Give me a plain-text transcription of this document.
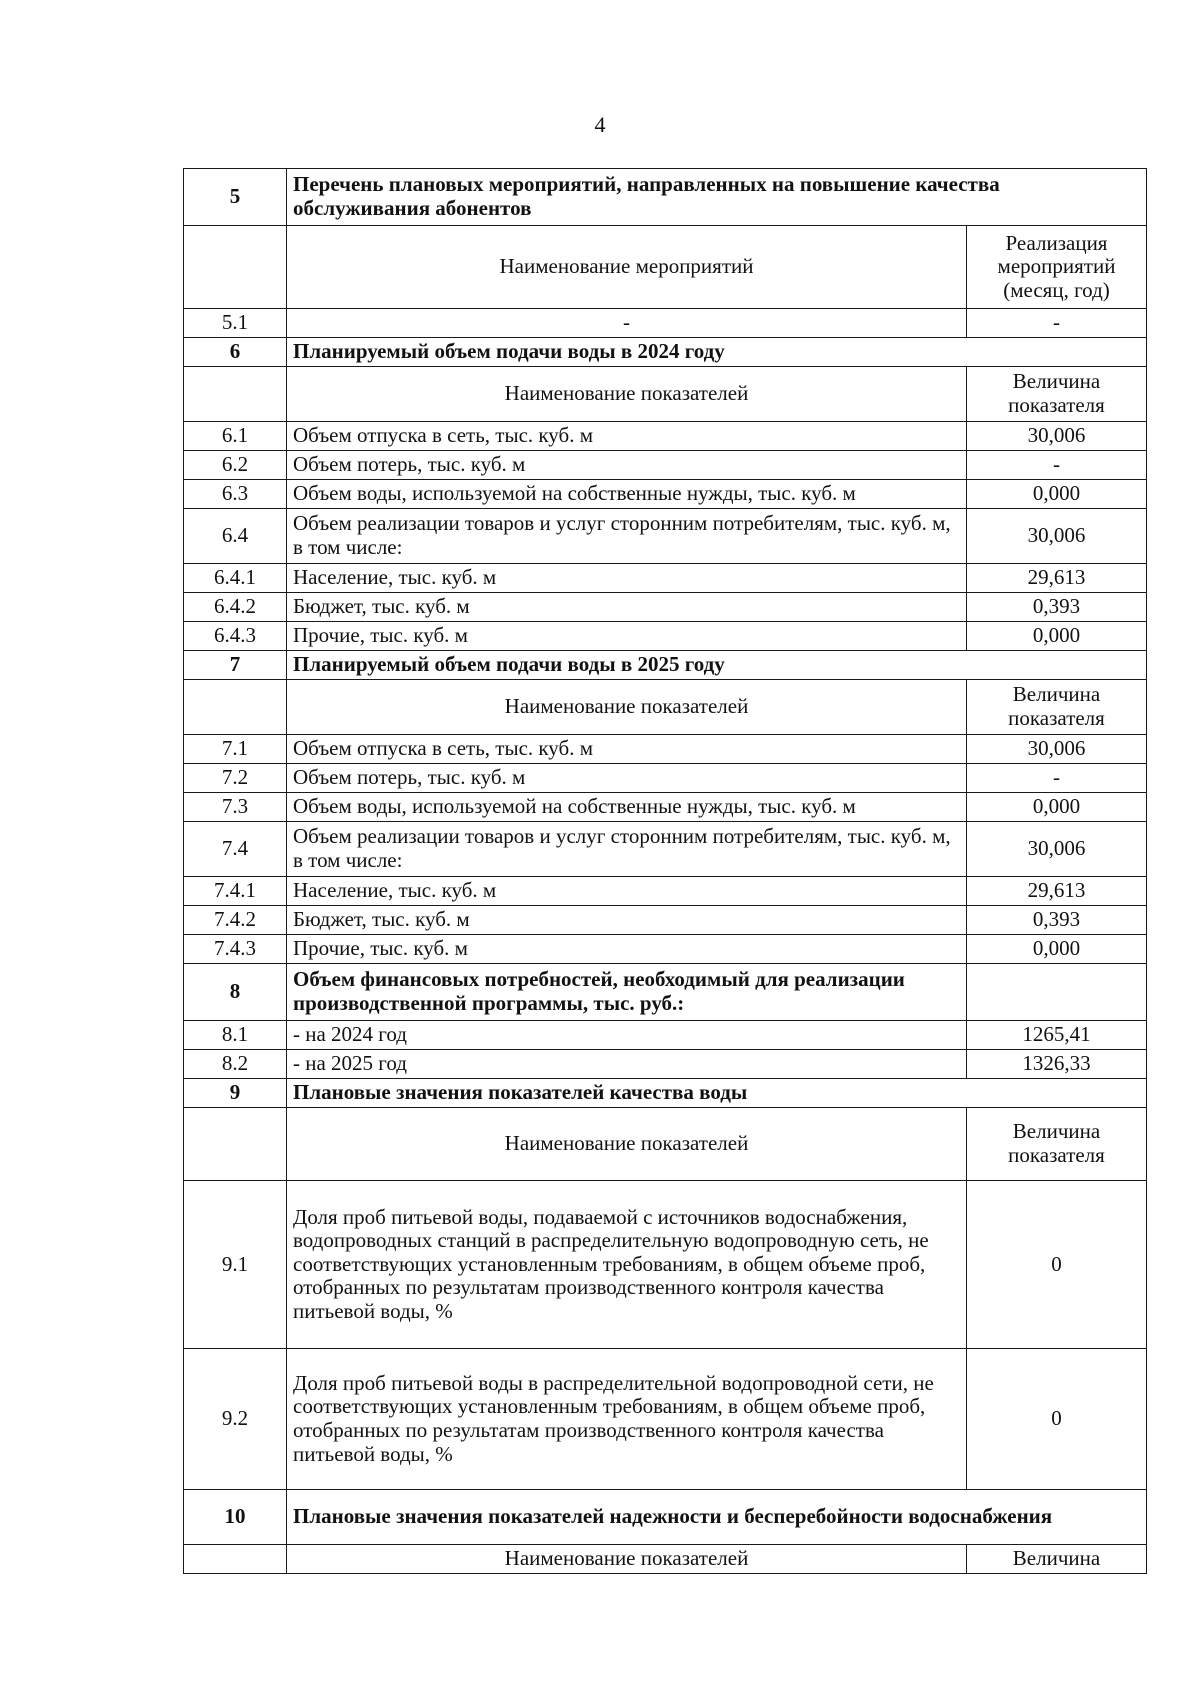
4
5	Перечень плановых мероприятий, направленных на повышение качества обслуживания абонентов	
	Наименование мероприятий	Реализация мероприятий (месяц, год)
5.1	-	-
6	Планируемый объем подачи воды в 2024 году	
	Наименование показателей	Величина показателя
6.1	Объем отпуска в сеть, тыс. куб. м	30,006
6.2	Объем потерь, тыс. куб. м	-
6.3	Объем воды, используемой на собственные нужды, тыс. куб. м	0,000
6.4	Объем реализации товаров и услуг сторонним потребителям, тыс. куб. м, в том числе:	30,006
6.4.1	Население, тыс. куб. м	29,613
6.4.2	Бюджет, тыс. куб. м	0,393
6.4.3	Прочие, тыс. куб. м	0,000
7	Планируемый объем подачи воды в 2025 году	
	Наименование показателей	Величина показателя
7.1	Объем отпуска в сеть, тыс. куб. м	30,006
7.2	Объем потерь, тыс. куб. м	-
7.3	Объем воды, используемой на собственные нужды, тыс. куб. м	0,000
7.4	Объем реализации товаров и услуг сторонним потребителям, тыс. куб. м, в том числе:	30,006
7.4.1	Население, тыс. куб. м	29,613
7.4.2	Бюджет, тыс. куб. м	0,393
7.4.3	Прочие, тыс. куб. м	0,000
8	Объем финансовых потребностей, необходимый для реализации производственной программы, тыс. руб.:	
8.1	- на 2024 год	1265,41
8.2	- на 2025 год	1326,33
9	Плановые значения показателей качества воды	
	Наименование показателей	Величина показателя
9.1	Доля проб питьевой воды, подаваемой с источников водоснабжения, водопроводных станций в распределительную водопроводную сеть, не соответствующих установленным требованиям, в общем объеме проб, отобранных по результатам производственного контроля качества питьевой воды, %	0
9.2	Доля проб питьевой воды в распределительной водопроводной сети, не соответствующих установленным требованиям, в общем объеме проб, отобранных по результатам производственного контроля качества питьевой воды, %	0
10	Плановые значения показателей надежности и бесперебойности водоснабжения	
	Наименование показателей	Величина
